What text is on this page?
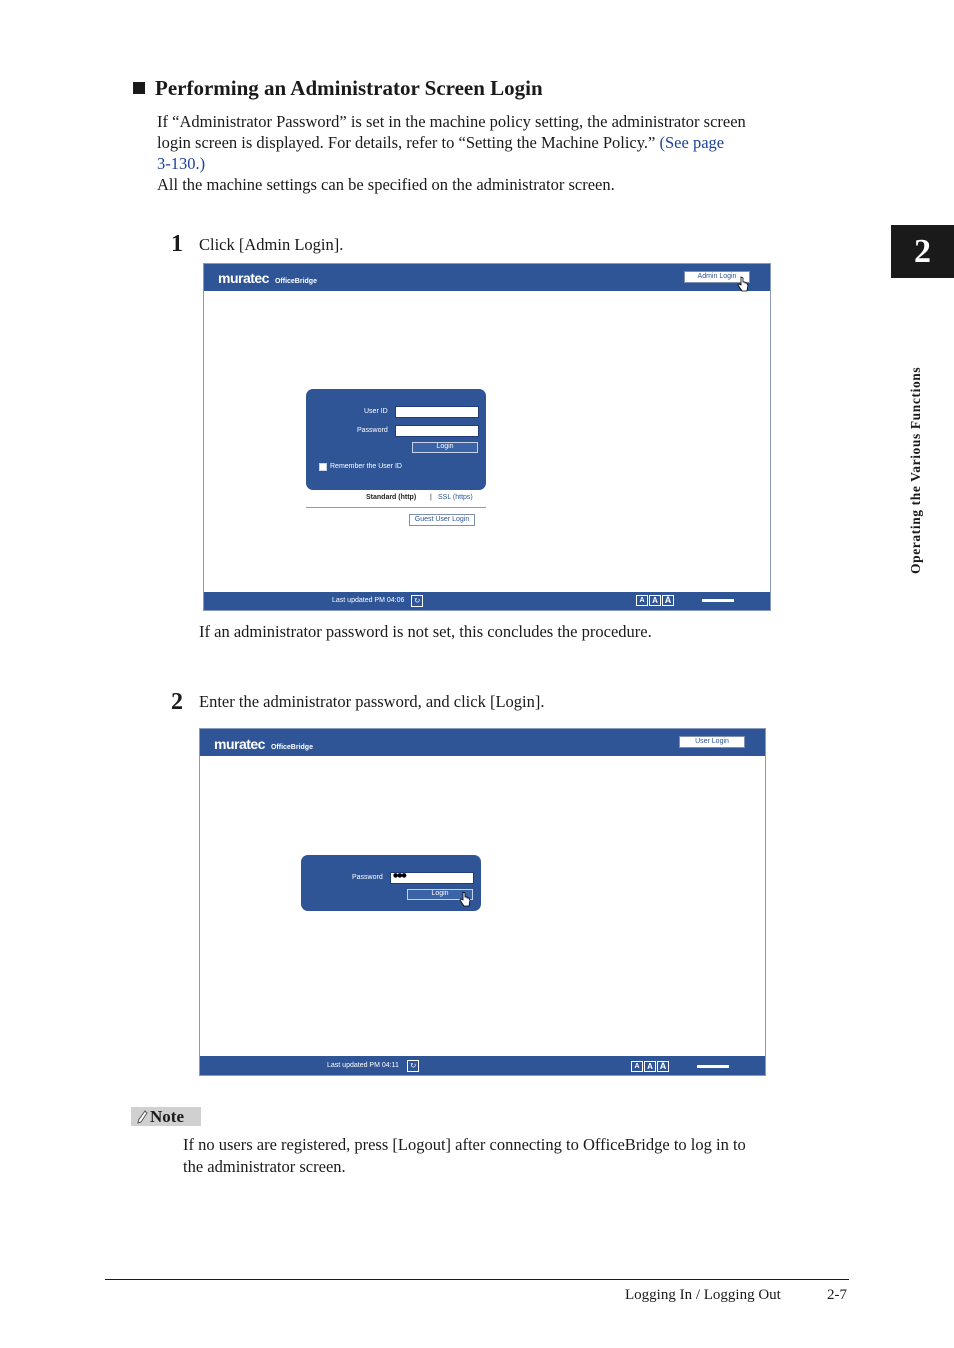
Performing an Administrator Screen Login
If “Administrator Password” is set in the machine policy setting, the administrator screen
login screen is displayed. For details, refer to “Setting the Machine Policy.” (See page
3-130.)
All the machine settings can be specified on the administrator screen.
1 Click [Admin Login].
muratec OfficeBridge
Admin Login
User ID
Password
Login
Remember the User ID
Standard (http) | SSL (https)
Guest User Login
Last updated PM 04:06	↻	A A A
If an administrator password is not set, this concludes the procedure.
2 Enter the administrator password, and click [Login].
muratec OfficeBridge
User Login
Password ●●●
Login
Last updated PM 04:11	↻	A A A
Note
If no users are registered, press [Logout] after connecting to OfficeBridge to log in to
the administrator screen.
2
Operating the Various Functions
Logging In / Logging Out	2-7
